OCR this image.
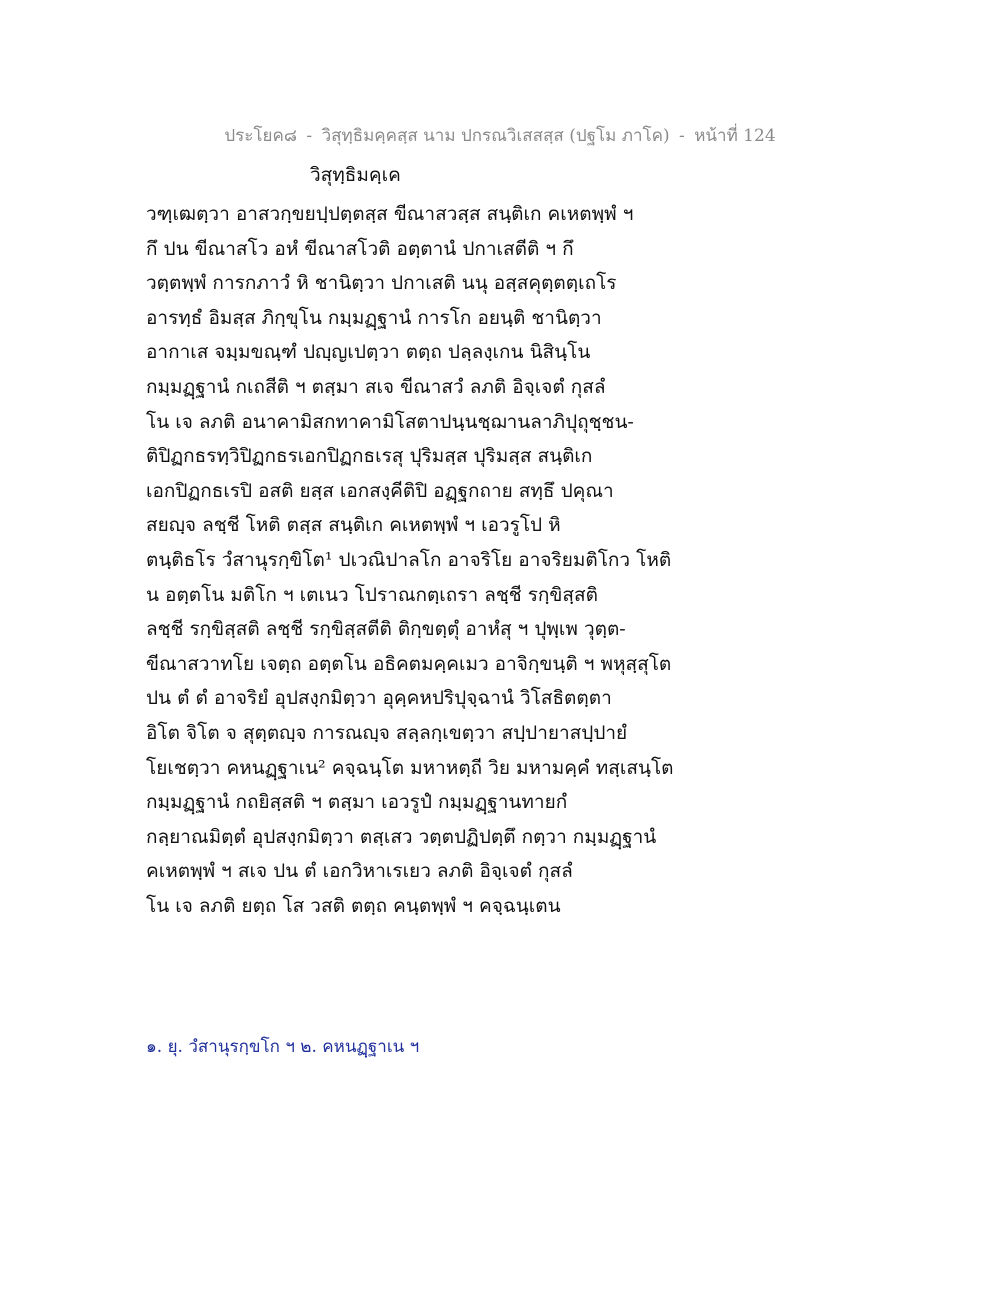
ประโยค๘ - วิสุทฺธิมคฺคสฺส นาม ปกรณวิเสสสฺส (ปฐโม ภาโค) - หน้าที่ 124
วิสุทฺธิมคฺเค
วฑฺเฒตฺวา อาสวกฺขยปฺปตฺตสฺส ขีณาสวสฺส สนฺติเก คเหตพฺพํ ฯ
กึ ปน ขีณาสโว อหํ ขีณาสโวติ อตฺตานํ ปกาเสตีติ ฯ กึ
วตฺตพฺพํ การกภาวํ หิ ชานิตฺวา ปกาเสติ นนุ อสฺสคุตฺตตฺเถโร
อารทฺธํ อิมสฺส ภิกฺขุโน กมฺมฏฺฐานํ การโก อยนฺติ ชานิตฺวา
อากาเส จมฺมขณฺฑํ ปญฺญเปตฺวา ตตฺถ ปลฺลงฺเกน นิสินฺโน
กมฺมฏฺฐานํ กเถสีติ ฯ ตสฺมา สเจ ขีณาสวํ ลภติ อิจฺเจตํ กุสลํ
โน เจ ลภติ อนาคามิสกทาคามิโสตาปนฺนชฺฌานลาภิปุถุชฺชน-
ติปิฏกธรทฺวิปิฏกธรเอกปิฏกธเรสุ ปุริมสฺส ปุริมสฺส สนฺติเก
เอกปิฏกธเรปิ อสติ ยสฺส เอกสงฺคีติปิ อฏฺฐกถาย สทฺธึ ปคุณา
สยญฺจ ลชฺชี โหติ ตสฺส สนฺติเก คเหตพฺพํ ฯ เอวรูโป หิ
ตนฺติธโร วํสานุรกฺขิโต¹ ปเวณิปาลโก อาจริโย อาจริยมติโกว โหติ
น อตฺตโน มติโก ฯ เตเนว โปราณกตฺเถรา ลชฺชี รกฺขิสฺสติ
ลชฺชี รกฺขิสฺสติ ลชฺชี รกฺขิสฺสตีติ ติกฺขตฺตุํ อาหํสุ ฯ ปุพฺเพ วุตฺต-
ขีณาสวาทโย เจตฺถ อตฺตโน อธิคตมคฺคเมว อาจิกฺขนฺติ ฯ พหุสฺสุโต
ปน ตํ ตํ อาจริยํ อุปสงฺกมิตฺวา อุคฺคหปริปุจฺฉานํ วิโสธิตตฺตา
อิโต จิโต จ สุตฺตญฺจ การณญฺจ สลฺลกฺเขตฺวา สปฺปายาสปฺปายํ
โยเชตฺวา คหนฏฺฐาเน² คจฺฉนฺโต มหาหตฺถี วิย มหามคฺคํ ทสฺเสนฺโต
กมฺมฏฺฐานํ กถยิสฺสติ ฯ ตสฺมา เอวรูปํ กมฺมฏฺฐานทายกํ
กลฺยาณมิตฺตํ อุปสงฺกมิตฺวา ตสฺเสว วตฺตปฏิปตฺตึ กตฺวา กมฺมฏฺฐานํ
คเหตพฺพํ ฯ สเจ ปน ตํ เอกวิหาเรเยว ลภติ อิจฺเจตํ กุสลํ
โน เจ ลภติ ยตฺถ โส วสติ ตตฺถ คนฺตพฺพํ ฯ คจฺฉนฺเตน
๑. ยุ. วํสานุรกฺขโก ฯ ๒. คหนฏฺฐาเน ฯ
